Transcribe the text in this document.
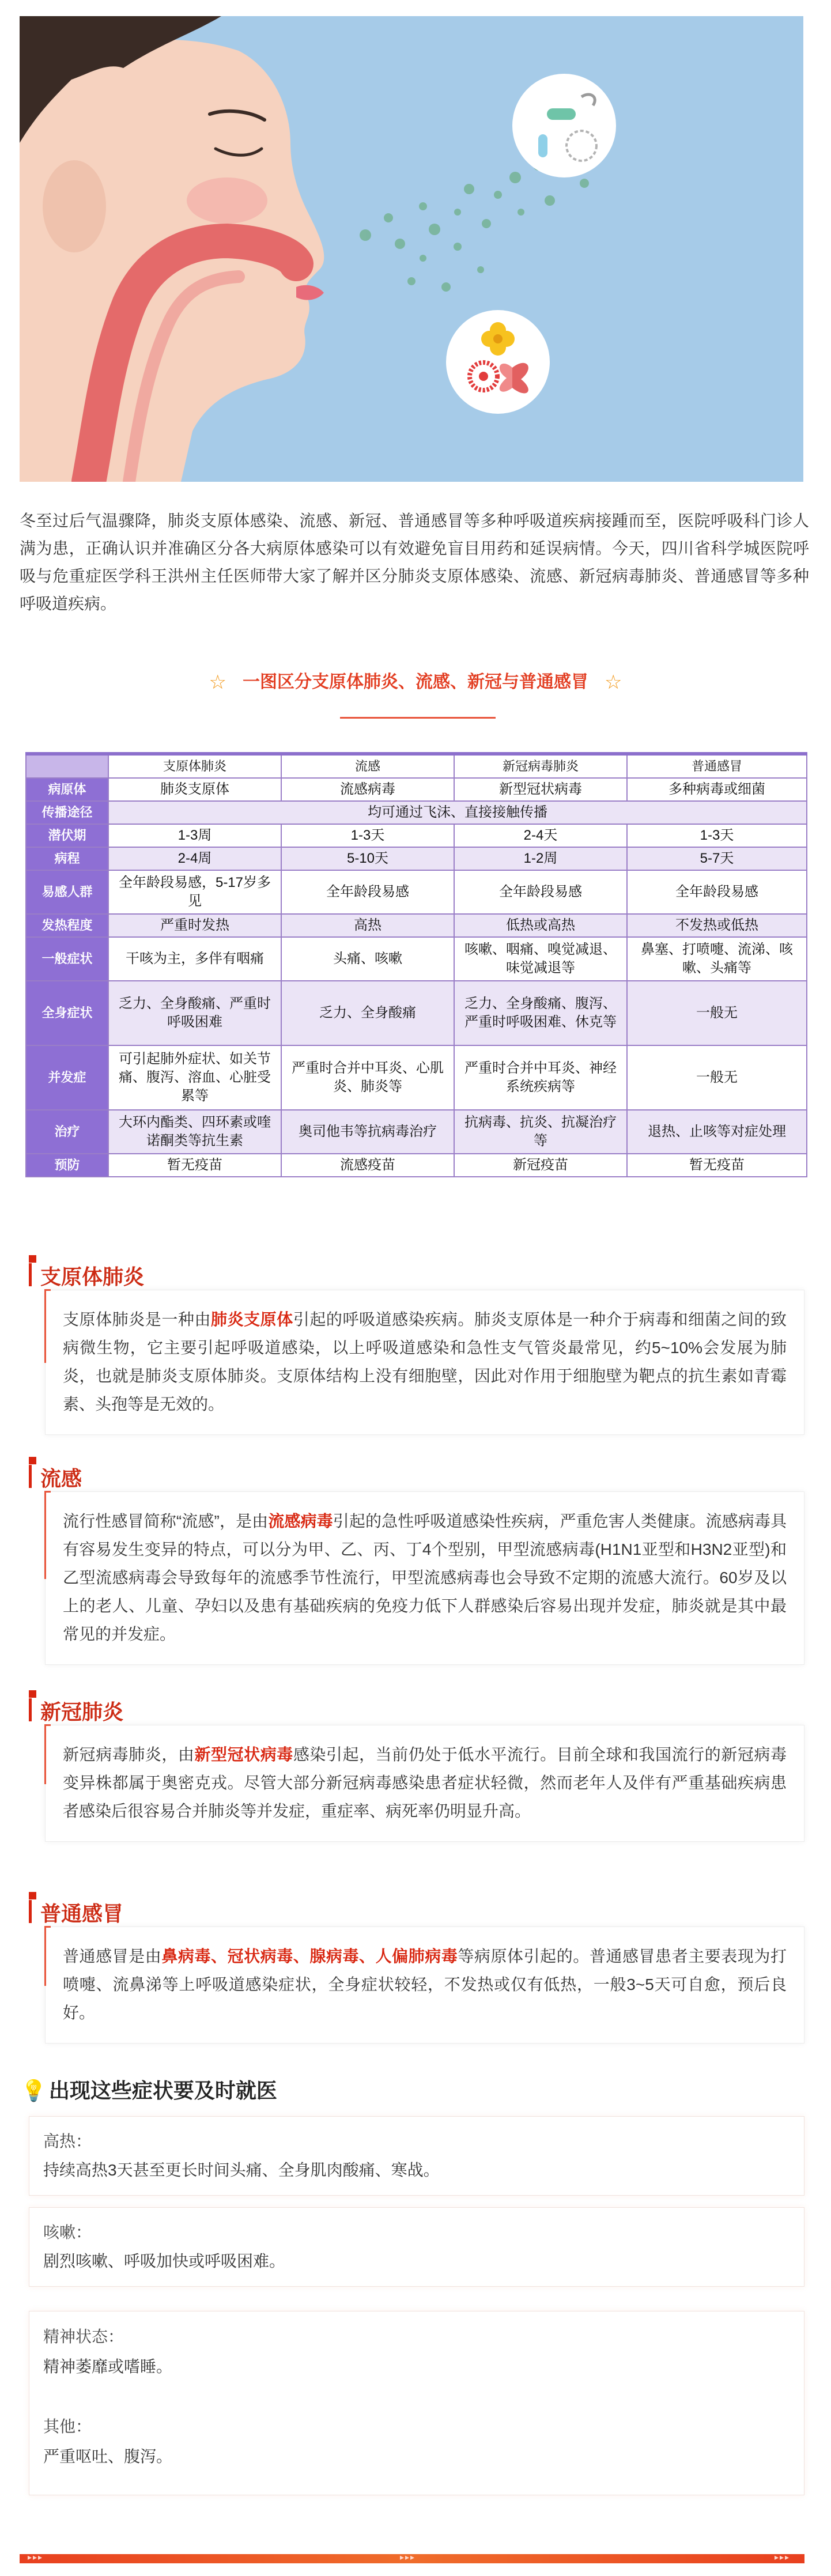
冬至过后气温骤降，肺炎支原体感染、流感、新冠、普通感冒等多种呼吸道疾病接踵而至，医院呼吸科门诊人满为患，正确认识并准确区分各大病原体感染可以有效避免盲目用药和延误病情。今天，四川省科学城医院呼吸与危重症医学科王洪州主任医师带大家了解并区分肺炎支原体感染、流感、新冠病毒肺炎、普通感冒等多种呼吸道疾病。
☆ 一图区分支原体肺炎、流感、新冠与普通感冒 ☆
	支原体肺炎	流感	新冠病毒肺炎	普通感冒
病原体	肺炎支原体	流感病毒	新型冠状病毒	多种病毒或细菌
传播途径	均可通过飞沫、直接接触传播			
潜伏期	1-3周	1-3天	2-4天	1-3天
病程	2-4周	5-10天	1-2周	5-7天
易感人群	全年龄段易感，5-17岁多见	全年龄段易感	全年龄段易感	全年龄段易感
发热程度	严重时发热	高热	低热或高热	不发热或低热
一般症状	干咳为主，多伴有咽痛	头痛、咳嗽	咳嗽、咽痛、嗅觉减退、味觉减退等	鼻塞、打喷嚏、流涕、咳嗽、头痛等
全身症状	乏力、全身酸痛、严重时呼吸困难	乏力、全身酸痛	乏力、全身酸痛、腹泻、严重时呼吸困难、休克等	一般无
并发症	可引起肺外症状、如关节痛、腹泻、溶血、心脏受累等	严重时合并中耳炎、心肌炎、肺炎等	严重时合并中耳炎、神经系统疾病等	一般无
治疗	大环内酯类、四环素或喹诺酮类等抗生素	奥司他韦等抗病毒治疗	抗病毒、抗炎、抗凝治疗等	退热、止咳等对症处理
预防	暂无疫苗	流感疫苗	新冠疫苗	暂无疫苗
支原体肺炎
支原体肺炎是一种由肺炎支原体引起的呼吸道感染疾病。肺炎支原体是一种介于病毒和细菌之间的致病微生物，它主要引起呼吸道感染，以上呼吸道感染和急性支气管炎最常见，约5~10%会发展为肺炎，也就是肺炎支原体肺炎。支原体结构上没有细胞壁，因此对作用于细胞壁为靶点的抗生素如青霉素、头孢等是无效的。
流感
流行性感冒简称“流感”，是由流感病毒引起的急性呼吸道感染性疾病，严重危害人类健康。流感病毒具有容易发生变异的特点，可以分为甲、乙、丙、丁4个型别，甲型流感病毒(H1N1亚型和H3N2亚型)和乙型流感病毒会导致每年的流感季节性流行，甲型流感病毒也会导致不定期的流感大流行。60岁及以上的老人、儿童、孕妇以及患有基础疾病的免疫力低下人群感染后容易出现并发症，肺炎就是其中最常见的并发症。
新冠肺炎
新冠病毒肺炎，由新型冠状病毒感染引起，当前仍处于低水平流行。目前全球和我国流行的新冠病毒变异株都属于奥密克戎。尽管大部分新冠病毒感染患者症状轻微，然而老年人及伴有严重基础疾病患者感染后很容易合并肺炎等并发症，重症率、病死率仍明显升高。
普通感冒
普通感冒是由鼻病毒、冠状病毒、腺病毒、人偏肺病毒等病原体引起的。普通感冒患者主要表现为打喷嚏、流鼻涕等上呼吸道感染症状，全身症状较轻，不发热或仅有低热，一般3~5天可自愈，预后良好。
💡 出现这些症状要及时就医
高热：
持续高热3天甚至更长时间头痛、全身肌肉酸痛、寒战。
咳嗽：
剧烈咳嗽、呼吸加快或呼吸困难。
精神状态：
精神萎靡或嗜睡。
其他：
严重呕吐、腹泻。
▸▸▸	▸▸▸	▸▸▸
